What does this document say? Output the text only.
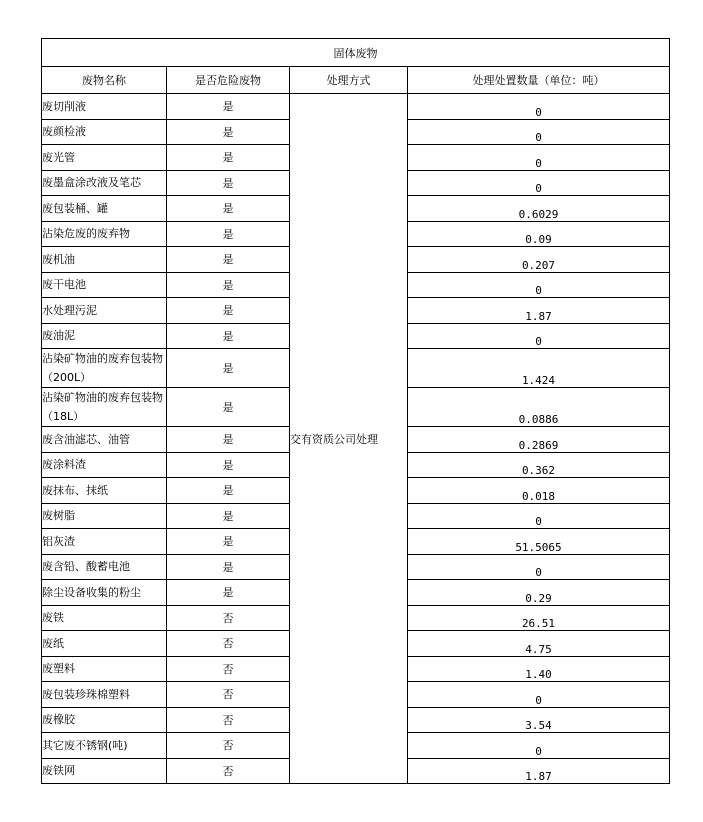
固体废物			
废物名称	是否危险废物	处理方式	处理处置数量（单位：吨）
废切削液	是	交有资质公司处理	0
废颜检液	是		0
废光管	是		0
废墨盒涂改液及笔芯	是		0
废包装桶、罐	是		0.6029
沾染危废的废弃物	是		0.09
废机油	是		0.207
废干电池	是		0
水处理污泥	是		1.87
废油泥	是		0
沾染矿物油的废弃包装物（200L）	是		1.424
沾染矿物油的废弃包装物（18L）	是		0.0886
废含油滤芯、油管	是		0.2869
废涂料渣	是		0.362
废抹布、抹纸	是		0.018
废树脂	是		0
铝灰渣	是		51.5065
废含铅、酸蓄电池	是		0
除尘设备收集的粉尘	是		0.29
废铁	否		26.51
废纸	否		4.75
废塑料	否		1.40
废包装珍珠棉塑料	否		0
废橡胶	否		3.54
其它废不锈钢(吨)	否		0
废铁网	否		1.87
